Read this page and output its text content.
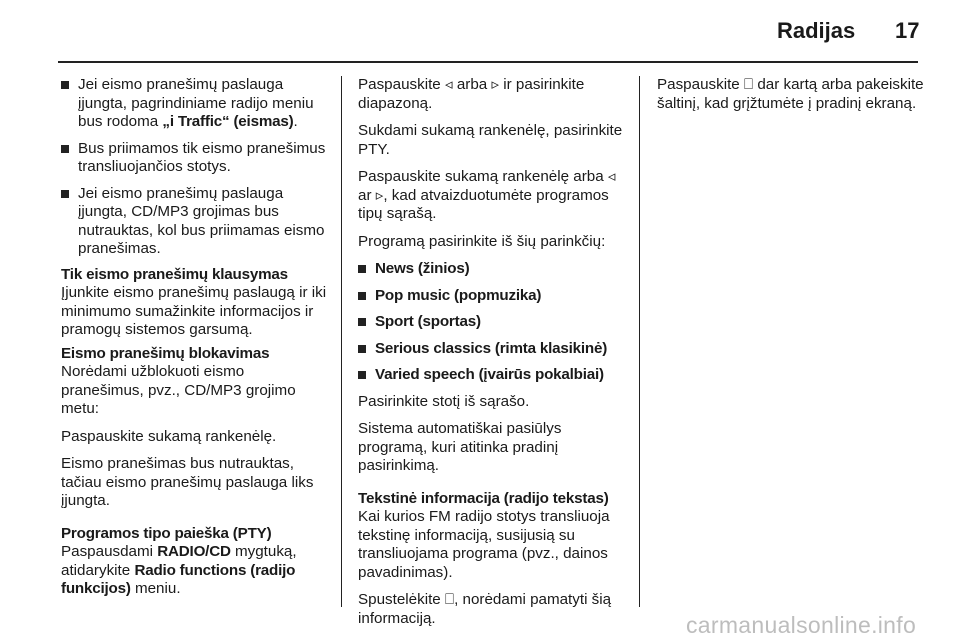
Radijas 17
Jei eismo pranešimų paslauga įjungta, pagrindiniame radijo meniu bus rodoma „i Traffic“ (eismas).
Bus priimamos tik eismo pranešimus transliuojančios stotys.
Jei eismo pranešimų paslauga įjungta, CD/MP3 grojimas bus nutrauktas, kol bus priimamas eismo pranešimas.
Tik eismo pranešimų klausymas

Įjunkite eismo pranešimų paslaugą ir iki minimumo sumažinkite informacijos ir pramogų sistemos garsumą.

Eismo pranešimų blokavimas

Norėdami užblokuoti eismo pranešimus, pvz., CD/MP3 grojimo metu:

Paspauskite sukamą rankenėlę.

Eismo pranešimas bus nutrauktas, tačiau eismo pranešimų paslauga liks įjungta.

Programos tipo paieška (PTY)

Paspausdami RADIO/CD mygtuką, atidarykite Radio functions (radijo funkcijos) meniu.

Paspauskite ◃ arba ▹ ir pasirinkite diapazoną.

Sukdami sukamą rankenėlę, pasirinkite PTY.

Paspauskite sukamą rankenėlę arba ◃ ar ▹, kad atvaizduotumėte programos tipų sąrašą.

Programą pasirinkite iš šių parinkčių:

News (žinios)
Pop music (popmuzika)
Sport (sportas)
Serious classics (rimta klasikinė)
Varied speech (įvairūs pokalbiai)

Pasirinkite stotį iš sąrašo.

Sistema automatiškai pasiūlys programą, kuri atitinka pradinį pasirinkimą.

Tekstinė informacija (radijo tekstas)

Kai kurios FM radijo stotys transliuoja tekstinę informaciją, susijusią su transliuojama programa (pvz., dainos pavadinimas).

Spustelėkite ⎕, norėdami pamatyti šią informaciją.

Paspauskite ⎕ dar kartą arba pakeiskite šaltinį, kad grįžtumėte į pradinį ekraną.

carmanualsonline.info
